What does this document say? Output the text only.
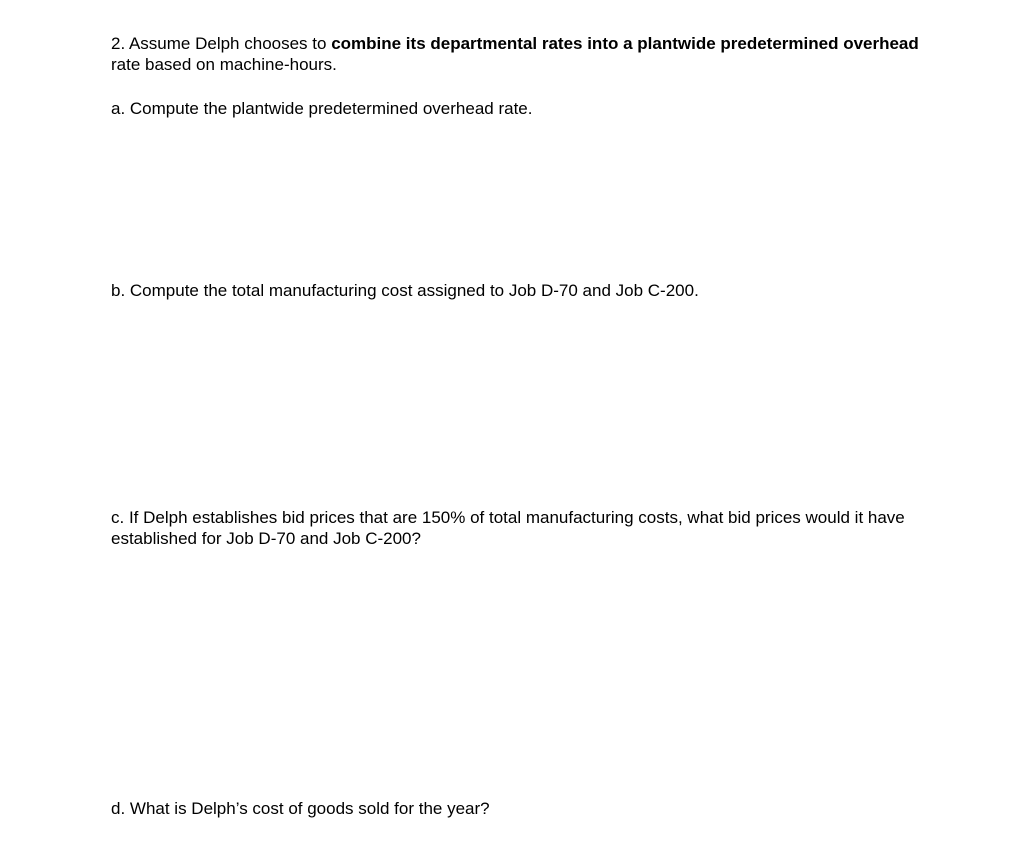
2. Assume Delph chooses to combine its departmental rates into a plantwide predetermined overhead rate based on machine-hours.

a. Compute the plantwide predetermined overhead rate.

b. Compute the total manufacturing cost assigned to Job D-70 and Job C-200.

c. If Delph establishes bid prices that are 150% of total manufacturing costs, what bid prices would it have established for Job D-70 and Job C-200?

d. What is Delph’s cost of goods sold for the year?
